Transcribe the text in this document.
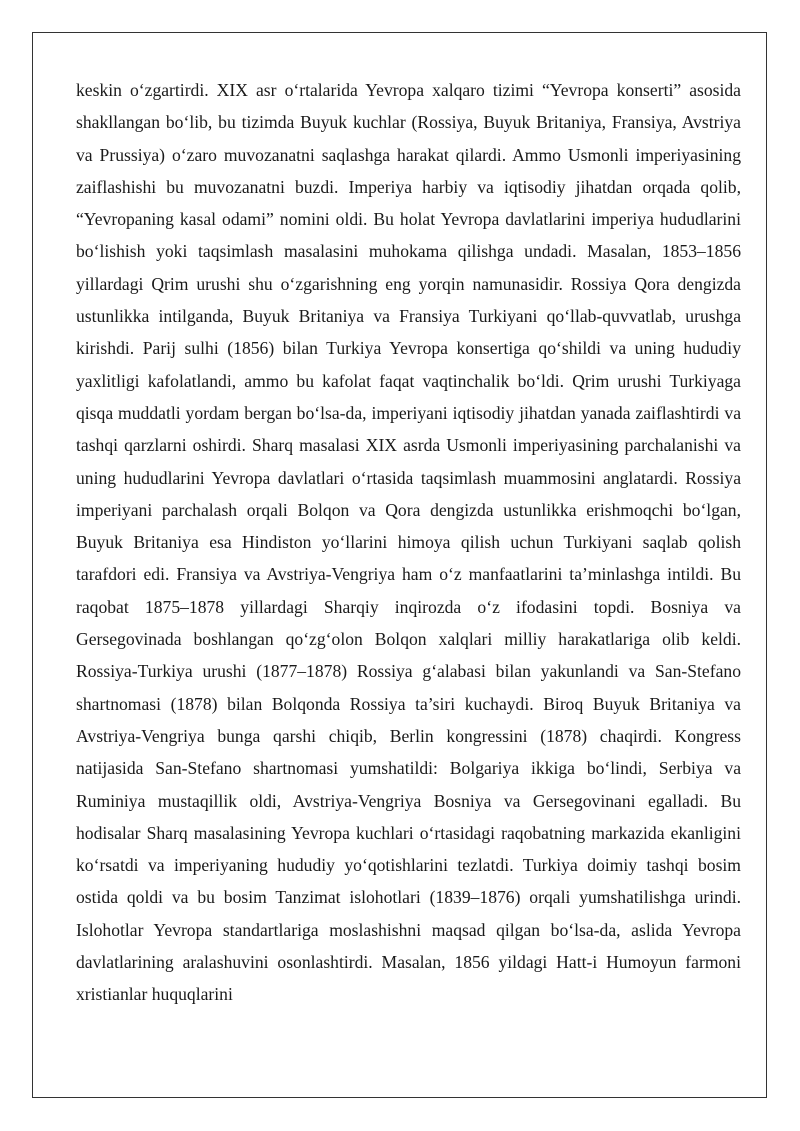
keskin o‘zgartirdi. XIX asr o‘rtalarida Yevropa xalqaro tizimi “Yevropa konserti” asosida shakllangan bo‘lib, bu tizimda Buyuk kuchlar (Rossiya, Buyuk Britaniya, Fransiya, Avstriya va Prussiya) o‘zaro muvozanatni saqlashga harakat qilardi. Ammo Usmonli imperiyasining zaiflashishi bu muvozanatni buzdi. Imperiya harbiy va iqtisodiy jihatdan orqada qolib, “Yevropaning kasal odami” nomini oldi. Bu holat Yevropa davlatlarini imperiya hududlarini bo‘lishish yoki taqsimlash masalasini muhokama qilishga undadi. Masalan, 1853–1856 yillardagi Qrim urushi shu o‘zgarishning eng yorqin namunasidir. Rossiya Qora dengizda ustunlikka intilganda, Buyuk Britaniya va Fransiya Turkiyani qo‘llab-quvvatlab, urushga kirishdi. Parij sulhi (1856) bilan Turkiya Yevropa konsertiga qo‘shildi va uning hududiy yaxlitligi kafolatlandi, ammo bu kafolat faqat vaqtinchalik bo‘ldi. Qrim urushi Turkiyaga qisqa muddatli yordam bergan bo‘lsa-da, imperiyani iqtisodiy jihatdan yanada zaiflashtirdi va tashqi qarzlarni oshirdi. Sharq masalasi XIX asrda Usmonli imperiyasining parchalanishi va uning hududlarini Yevropa davlatlari o‘rtasida taqsimlash muammosini anglatardi. Rossiya imperiyani parchalash orqali Bolqon va Qora dengizda ustunlikka erishmoqchi bo‘lgan, Buyuk Britaniya esa Hindiston yo‘llarini himoya qilish uchun Turkiyani saqlab qolish tarafdori edi. Fransiya va Avstriya-Vengriya ham o‘z manfaatlarini ta’minlashga intildi. Bu raqobat 1875–1878 yillardagi Sharqiy inqirozda o‘z ifodasini topdi. Bosniya va Gersegovinada boshlangan qo‘zg‘olon Bolqon xalqlari milliy harakatlariga olib keldi. Rossiya-Turkiya urushi (1877–1878) Rossiya g‘alabasi bilan yakunlandi va San-Stefano shartnomasi (1878) bilan Bolqonda Rossiya ta’siri kuchaydi. Biroq Buyuk Britaniya va Avstriya-Vengriya bunga qarshi chiqib, Berlin kongressini (1878) chaqirdi. Kongress natijasida San-Stefano shartnomasi yumshatildi: Bolgariya ikkiga bo‘lindi, Serbiya va Ruminiya mustaqillik oldi, Avstriya-Vengriya Bosniya va Gersegovinani egalladi. Bu hodisalar Sharq masalasining Yevropa kuchlari o‘rtasidagi raqobatning markazida ekanligini ko‘rsatdi va imperiyaning hududiy yo‘qotishlarini tezlatdi. Turkiya doimiy tashqi bosim ostida qoldi va bu bosim Tanzimat islohotlari (1839–1876) orqali yumshatilishga urindi. Islohotlar Yevropa standartlariga moslashishni maqsad qilgan bo‘lsa-da, aslida Yevropa davlatlarining aralashuvini osonlashtirdi. Masalan, 1856 yildagi Hatt-i Humoyun farmoni xristianlar huquqlarini
